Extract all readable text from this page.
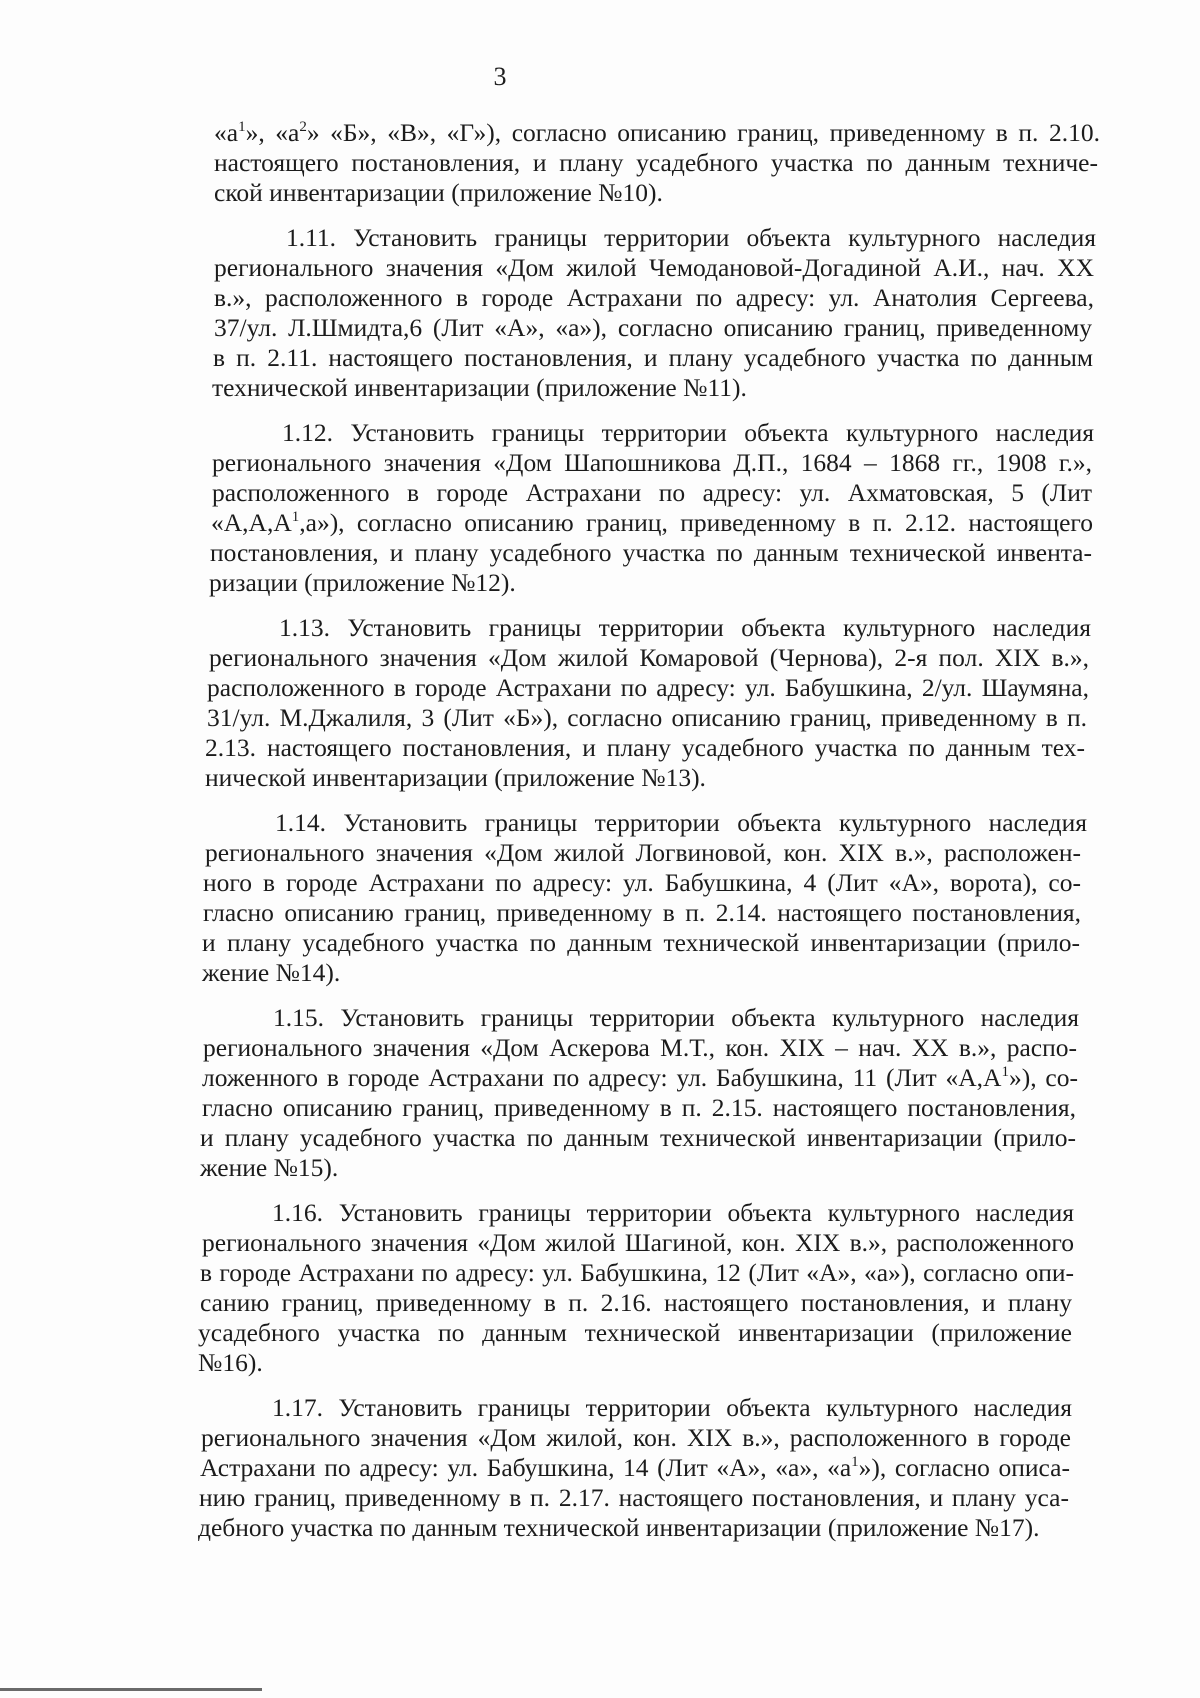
3
«$а^1$», «$а^2$» «Б», «В», «Г»), согласно описанию границ, приведенному в п. 2.10.
настоящего постановления, и плану усадебного участка по данным техниче-
ской инвентаризации (приложение №10).
1.11. Установить границы территории объекта культурного наследия
регионального значения «Дом жилой Чемодановой-Догадиной А.И., нач. XX
в.», расположенного в городе Астрахани по адресу: ул. Анатолия Сергеева,
37/ул. Л.Шмидта,6 (Лит «А», «а»), согласно описанию границ, приведенному
в п. 2.11. настоящего постановления, и плану усадебного участка по данным
технической инвентаризации (приложение №11).
1.12. Установить границы территории объекта культурного наследия
регионального значения «Дом Шапошникова Д.П., 1684 – 1868 гг., 1908 г.»,
расположенного в городе Астрахани по адресу: ул. Ахматовская, 5 (Лит
«$А,А,А^1,а$»), согласно описанию границ, приведенному в п. 2.12. настоящего
постановления, и плану усадебного участка по данным технической инвента-
ризации (приложение №12).
1.13. Установить границы территории объекта культурного наследия
регионального значения «Дом жилой Комаровой (Чернова), 2-я пол. XIX в.»,
расположенного в городе Астрахани по адресу: ул. Бабушкина, 2/ул. Шаумяна,
31/ул. М.Джалиля, 3 (Лит «Б»), согласно описанию границ, приведенному в п.
2.13. настоящего постановления, и плану усадебного участка по данным тех-
нической инвентаризации (приложение №13).
1.14. Установить границы территории объекта культурного наследия
регионального значения «Дом жилой Логвиновой, кон. XIX в.», расположен-
ного в городе Астрахани по адресу: ул. Бабушкина, 4 (Лит «А», ворота), со-
гласно описанию границ, приведенному в п. 2.14. настоящего постановления,
и плану усадебного участка по данным технической инвентаризации (прило-
жение №14).
1.15. Установить границы территории объекта культурного наследия
регионального значения «Дом Аскерова М.Т., кон. XIX – нач. XX в.», распо-
ложенного в городе Астрахани по адресу: ул. Бабушкина, 11 (Лит «$А,А^1$»), со-
гласно описанию границ, приведенному в п. 2.15. настоящего постановления,
и плану усадебного участка по данным технической инвентаризации (прило-
жение №15).
1.16. Установить границы территории объекта культурного наследия
регионального значения «Дом жилой Шагиной, кон. XIX в.», расположенного
в городе Астрахани по адресу: ул. Бабушкина, 12 (Лит «А», «а»), согласно опи-
санию границ, приведенному в п. 2.16. настоящего постановления, и плану
усадебного участка по данным технической инвентаризации (приложение
№16).
1.17. Установить границы территории объекта культурного наследия
регионального значения «Дом жилой, кон. XIX в.», расположенного в городе
Астрахани по адресу: ул. Бабушкина, 14 (Лит «А», «а», «$а^1$»), согласно описа-
нию границ, приведенному в п. 2.17. настоящего постановления, и плану уса-
дебного участка по данным технической инвентаризации (приложение №17).
